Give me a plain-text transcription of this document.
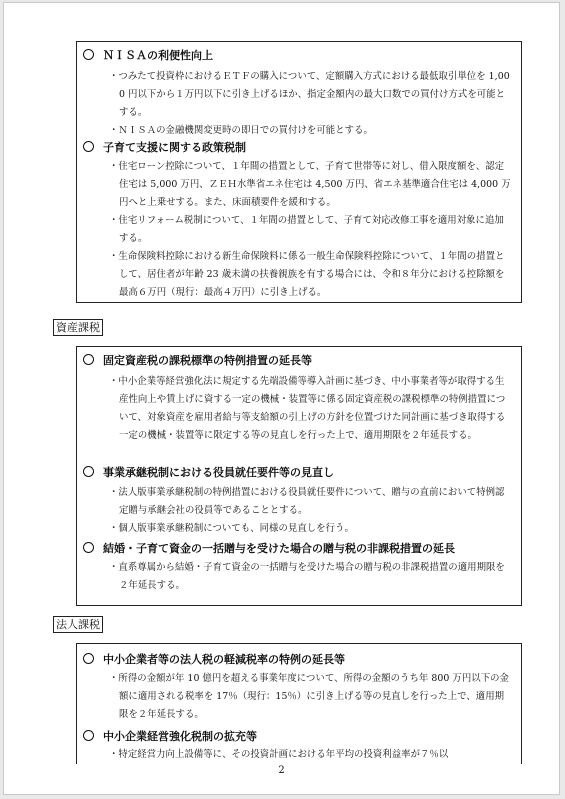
ＮＩＳＡの利便性向上
・つみたて投資枠におけるＥＴＦの購入について、定額購入方式における最低取引単位を 1,000 円以下から１万円以下に引き上げるほか、指定金額内の最大口数での買付け方式を可能とする。
・ＮＩＳＡの金融機関変更時の即日での買付けを可能とする。
子育て支援に関する政策税制
・住宅ローン控除について、１年間の措置として、子育て世帯等に対し、借入限度額を、認定住宅は 5,000 万円、ＺＥＨ水準省エネ住宅は 4,500 万円、省エネ基準適合住宅は 4,000 万円へと上乗せする。また、床面積要件を緩和する。
・住宅リフォーム税制について、１年間の措置として、子育て対応改修工事を適用対象に追加する。
・生命保険料控除における新生命保険料に係る一般生命保険料控除について、１年間の措置として、居住者が年齢 23 歳未満の扶養親族を有する場合には、令和８年分における控除額を最高６万円（現行：最高４万円）に引き上げる。
資産課税
固定資産税の課税標準の特例措置の延長等
・中小企業等経営強化法に規定する先端設備等導入計画に基づき、中小事業者等が取得する生産性向上や賃上げに資する一定の機械・装置等に係る固定資産税の課税標準の特例措置について、対象資産を雇用者給与等支給額の引上げの方針を位置づけた同計画に基づき取得する一定の機械・装置等に限定する等の見直しを行った上で、適用期限を２年延長する。
事業承継税制における役員就任要件等の見直し
・法人版事業承継税制の特例措置における役員就任要件について、贈与の直前において特例認定贈与承継会社の役員等であることとする。
・個人版事業承継税制についても、同様の見直しを行う。
結婚・子育て資金の一括贈与を受けた場合の贈与税の非課税措置の延長
・直系尊属から結婚・子育て資金の一括贈与を受けた場合の贈与税の非課税措置の適用期限を２年延長する。
法人課税
中小企業者等の法人税の軽減税率の特例の延長等
・所得の金額が年 10 億円を超える事業年度について、所得の金額のうち年 800 万円以下の金額に適用される税率を 17％（現行：15％）に引き上げる等の見直しを行った上で、適用期限を２年延長する。
中小企業経営強化税制の拡充等
・特定経営力向上設備等に、その投資計画における年平均の投資利益率が７％以
2
